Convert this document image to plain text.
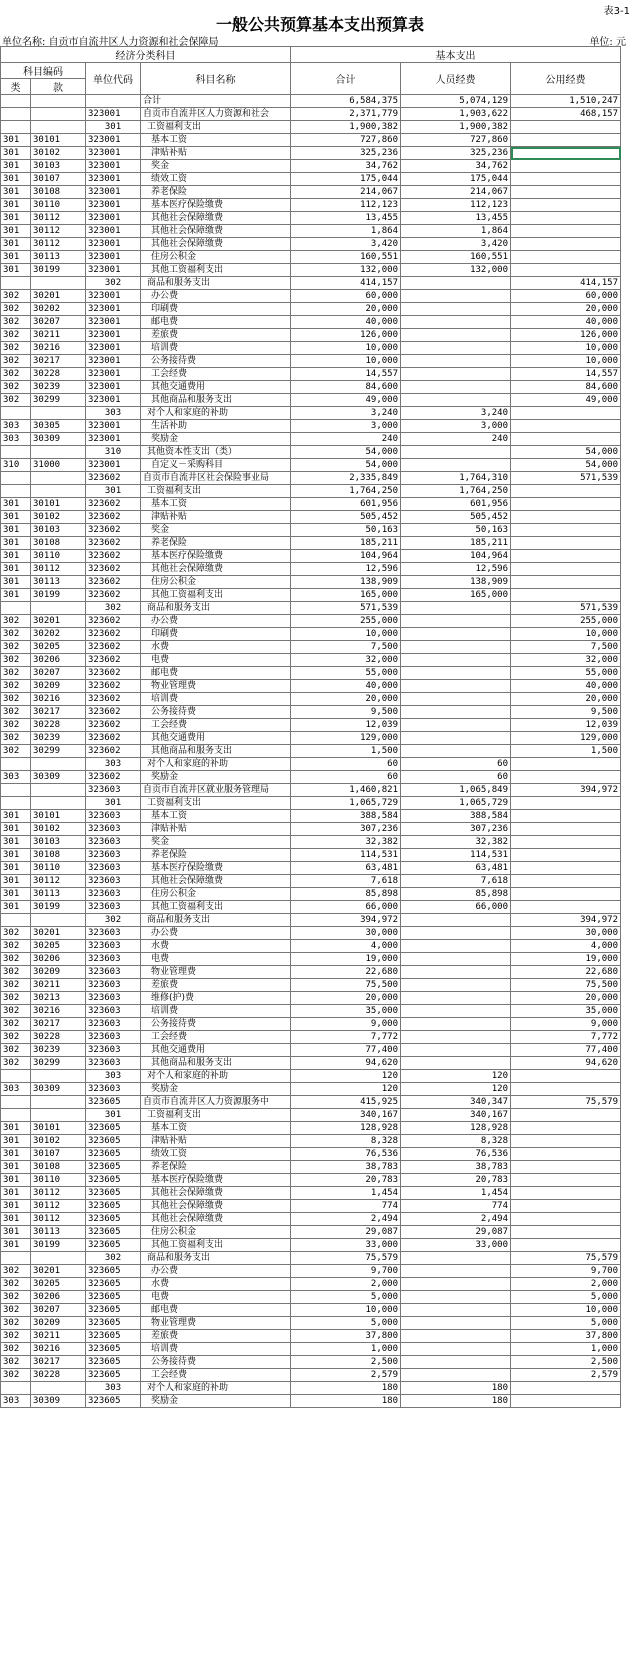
一般公共预算基本支出预算表
表3-1
单位名称: 自贡市自流井区人力资源和社会保障局	单位: 元
经济分类科目				基本支出		
科目编码		单位代码	科目名称	合计	人员经费	公用经费
类	款					
			合计	6,584,375	5,074,129	1,510,247
		323001	自贡市自流井区人力资源和社会	2,371,779	1,903,622	468,157
		301	工资福利支出	1,900,382	1,900,382	
301	30101	323001	基本工资	727,860	727,860	
301	30102	323001	津贴补贴	325,236	325,236	
301	30103	323001	奖金	34,762	34,762	
301	30107	323001	绩效工资	175,044	175,044	
301	30108	323001	养老保险	214,067	214,067	
301	30110	323001	基本医疗保险缴费	112,123	112,123	
301	30112	323001	其他社会保障缴费	13,455	13,455	
301	30112	323001	其他社会保障缴费	1,864	1,864	
301	30112	323001	其他社会保障缴费	3,420	3,420	
301	30113	323001	住房公积金	160,551	160,551	
301	30199	323001	其他工资福利支出	132,000	132,000	
		302	商品和服务支出	414,157		414,157
302	30201	323001	办公费	60,000		60,000
302	30202	323001	印刷费	20,000		20,000
302	30207	323001	邮电费	40,000		40,000
302	30211	323001	差旅费	126,000		126,000
302	30216	323001	培训费	10,000		10,000
302	30217	323001	公务接待费	10,000		10,000
302	30228	323001	工会经费	14,557		14,557
302	30239	323001	其他交通费用	84,600		84,600
302	30299	323001	其他商品和服务支出	49,000		49,000
		303	对个人和家庭的补助	3,240	3,240	
303	30305	323001	生活补助	3,000	3,000	
303	30309	323001	奖励金	240	240	
		310	其他资本性支出（类）	54,000		54,000
310	31000	323001	自定义－采购科目	54,000		54,000
		323602	自贡市自流井区社会保险事业局	2,335,849	1,764,310	571,539
		301	工资福利支出	1,764,250	1,764,250	
301	30101	323602	基本工资	601,956	601,956	
301	30102	323602	津贴补贴	505,452	505,452	
301	30103	323602	奖金	50,163	50,163	
301	30108	323602	养老保险	185,211	185,211	
301	30110	323602	基本医疗保险缴费	104,964	104,964	
301	30112	323602	其他社会保障缴费	12,596	12,596	
301	30113	323602	住房公积金	138,909	138,909	
301	30199	323602	其他工资福利支出	165,000	165,000	
		302	商品和服务支出	571,539		571,539
302	30201	323602	办公费	255,000		255,000
302	30202	323602	印刷费	10,000		10,000
302	30205	323602	水费	7,500		7,500
302	30206	323602	电费	32,000		32,000
302	30207	323602	邮电费	55,000		55,000
302	30209	323602	物业管理费	40,000		40,000
302	30216	323602	培训费	20,000		20,000
302	30217	323602	公务接待费	9,500		9,500
302	30228	323602	工会经费	12,039		12,039
302	30239	323602	其他交通费用	129,000		129,000
302	30299	323602	其他商品和服务支出	1,500		1,500
		303	对个人和家庭的补助	60	60	
303	30309	323602	奖励金	60	60	
		323603	自贡市自流井区就业服务管理局	1,460,821	1,065,849	394,972
		301	工资福利支出	1,065,729	1,065,729	
301	30101	323603	基本工资	388,584	388,584	
301	30102	323603	津贴补贴	307,236	307,236	
301	30103	323603	奖金	32,382	32,382	
301	30108	323603	养老保险	114,531	114,531	
301	30110	323603	基本医疗保险缴费	63,481	63,481	
301	30112	323603	其他社会保障缴费	7,618	7,618	
301	30113	323603	住房公积金	85,898	85,898	
301	30199	323603	其他工资福利支出	66,000	66,000	
		302	商品和服务支出	394,972		394,972
302	30201	323603	办公费	30,000		30,000
302	30205	323603	水费	4,000		4,000
302	30206	323603	电费	19,000		19,000
302	30209	323603	物业管理费	22,680		22,680
302	30211	323603	差旅费	75,500		75,500
302	30213	323603	维修(护)费	20,000		20,000
302	30216	323603	培训费	35,000		35,000
302	30217	323603	公务接待费	9,000		9,000
302	30228	323603	工会经费	7,772		7,772
302	30239	323603	其他交通费用	77,400		77,400
302	30299	323603	其他商品和服务支出	94,620		94,620
		303	对个人和家庭的补助	120	120	
303	30309	323603	奖励金	120	120	
		323605	自贡市自流井区人力资源服务中	415,925	340,347	75,579
		301	工资福利支出	340,167	340,167	
301	30101	323605	基本工资	128,928	128,928	
301	30102	323605	津贴补贴	8,328	8,328	
301	30107	323605	绩效工资	76,536	76,536	
301	30108	323605	养老保险	38,783	38,783	
301	30110	323605	基本医疗保险缴费	20,783	20,783	
301	30112	323605	其他社会保障缴费	1,454	1,454	
301	30112	323605	其他社会保障缴费	774	774	
301	30112	323605	其他社会保障缴费	2,494	2,494	
301	30113	323605	住房公积金	29,087	29,087	
301	30199	323605	其他工资福利支出	33,000	33,000	
		302	商品和服务支出	75,579		75,579
302	30201	323605	办公费	9,700		9,700
302	30205	323605	水费	2,000		2,000
302	30206	323605	电费	5,000		5,000
302	30207	323605	邮电费	10,000		10,000
302	30209	323605	物业管理费	5,000		5,000
302	30211	323605	差旅费	37,800		37,800
302	30216	323605	培训费	1,000		1,000
302	30217	323605	公务接待费	2,500		2,500
302	30228	323605	工会经费	2,579		2,579
		303	对个人和家庭的补助	180	180	
303	30309	323605	奖励金	180	180	
